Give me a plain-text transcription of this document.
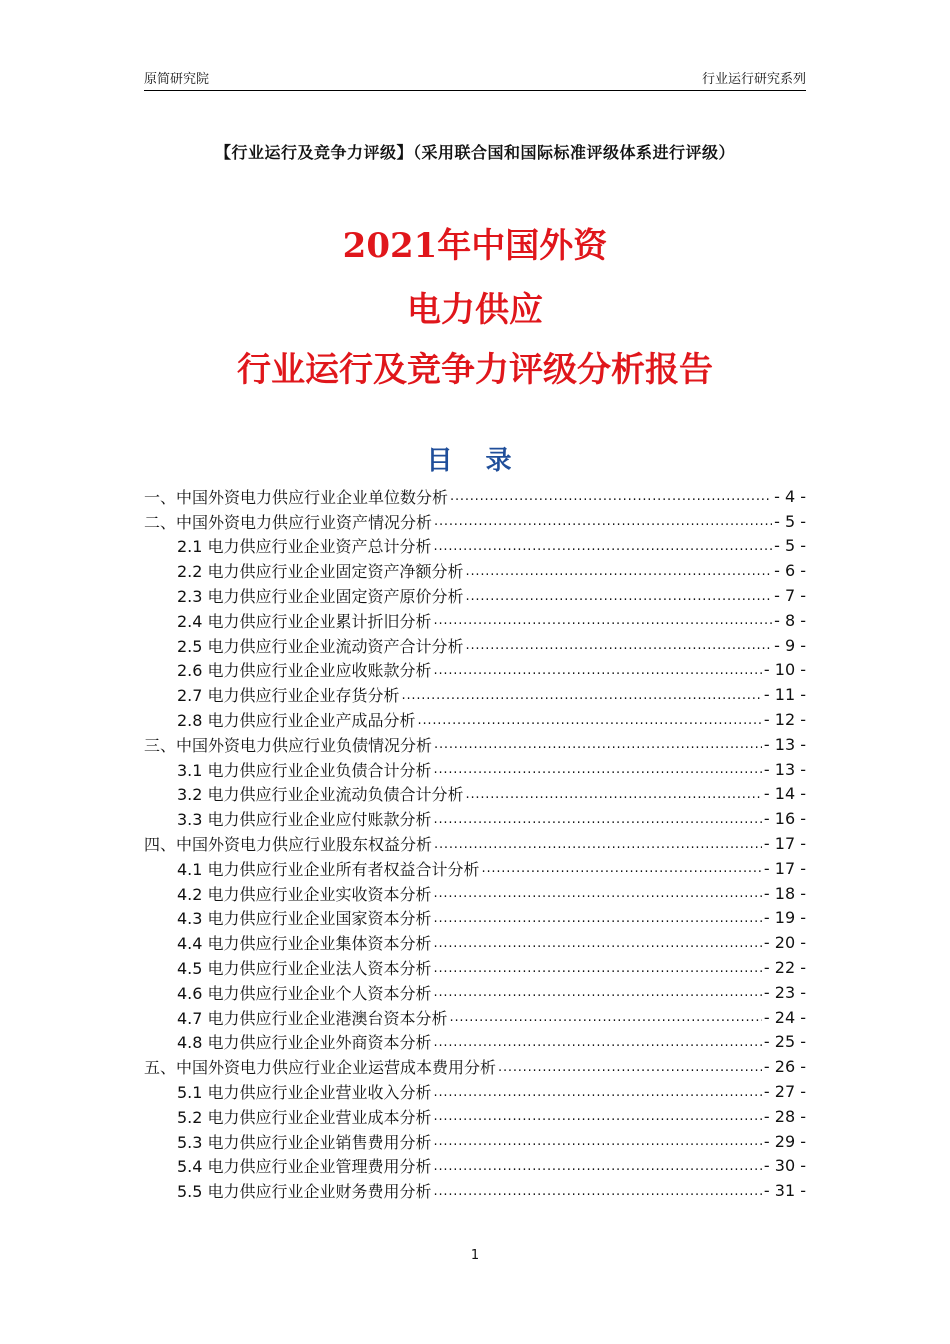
原简研究院	行业运行研究系列
【行业运行及竞争力评级】（采用联合国和国际标准评级体系进行评级）
2021年中国外资
电力供应
行业运行及竞争力评级分析报告
目 录
一、中国外资电力供应行业企业单位数分析 .....	- 4 -
二、中国外资电力供应行业资产情况分析 .....	- 5 -
2.1 电力供应行业企业资产总计分析 .....	- 5 -
2.2 电力供应行业企业固定资产净额分析 .....	- 6 -
2.3 电力供应行业企业固定资产原价分析 .....	- 7 -
2.4 电力供应行业企业累计折旧分析 .....	- 8 -
2.5 电力供应行业企业流动资产合计分析 .....	- 9 -
2.6 电力供应行业企业应收账款分析 .....	- 10 -
2.7 电力供应行业企业存货分析 .....	- 11 -
2.8 电力供应行业企业产成品分析 .....	- 12 -
三、中国外资电力供应行业负债情况分析 .....	- 13 -
3.1 电力供应行业企业负债合计分析 .....	- 13 -
3.2 电力供应行业企业流动负债合计分析 .....	- 14 -
3.3 电力供应行业企业应付账款分析 .....	- 16 -
四、中国外资电力供应行业股东权益分析 .....	- 17 -
4.1 电力供应行业企业所有者权益合计分析 .....	- 17 -
4.2 电力供应行业企业实收资本分析 .....	- 18 -
4.3 电力供应行业企业国家资本分析 .....	- 19 -
4.4 电力供应行业企业集体资本分析 .....	- 20 -
4.5 电力供应行业企业法人资本分析 .....	- 22 -
4.6 电力供应行业企业个人资本分析 .....	- 23 -
4.7 电力供应行业企业港澳台资本分析 .....	- 24 -
4.8 电力供应行业企业外商资本分析 .....	- 25 -
五、中国外资电力供应行业企业运营成本费用分析 .....	- 26 -
5.1 电力供应行业企业营业收入分析 .....	- 27 -
5.2 电力供应行业企业营业成本分析 .....	- 28 -
5.3 电力供应行业企业销售费用分析 .....	- 29 -
5.4 电力供应行业企业管理费用分析 .....	- 30 -
5.5 电力供应行业企业财务费用分析 .....	- 31 -
1
